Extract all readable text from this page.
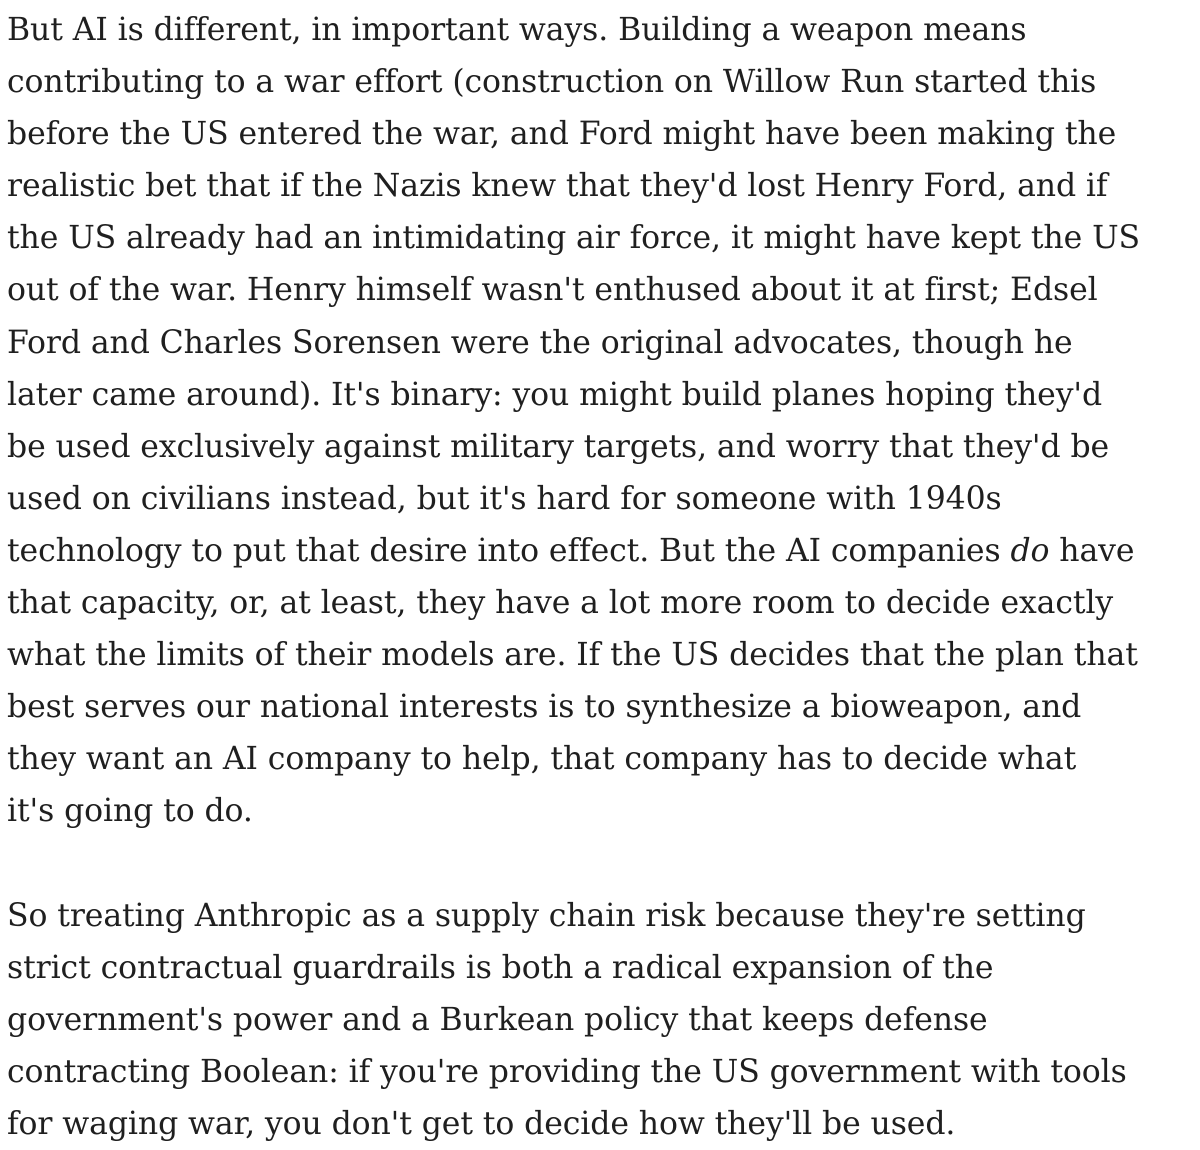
But AI is different, in important ways. Building a weapon means
contributing to a war effort (construction on Willow Run started this
before the US entered the war, and Ford might have been making the
realistic bet that if the Nazis knew that they'd lost Henry Ford, and if
the US already had an intimidating air force, it might have kept the US
out of the war. Henry himself wasn't enthused about it at first; Edsel
Ford and Charles Sorensen were the original advocates, though he
later came around). It's binary: you might build planes hoping they'd
be used exclusively against military targets, and worry that they'd be
used on civilians instead, but it's hard for someone with 1940s
technology to put that desire into effect. But the AI companies do have
that capacity, or, at least, they have a lot more room to decide exactly
what the limits of their models are. If the US decides that the plan that
best serves our national interests is to synthesize a bioweapon, and
they want an AI company to help, that company has to decide what
it's going to do.

So treating Anthropic as a supply chain risk because they're setting
strict contractual guardrails is both a radical expansion of the
government's power and a Burkean policy that keeps defense
contracting Boolean: if you're providing the US government with tools
for waging war, you don't get to decide how they'll be used.
